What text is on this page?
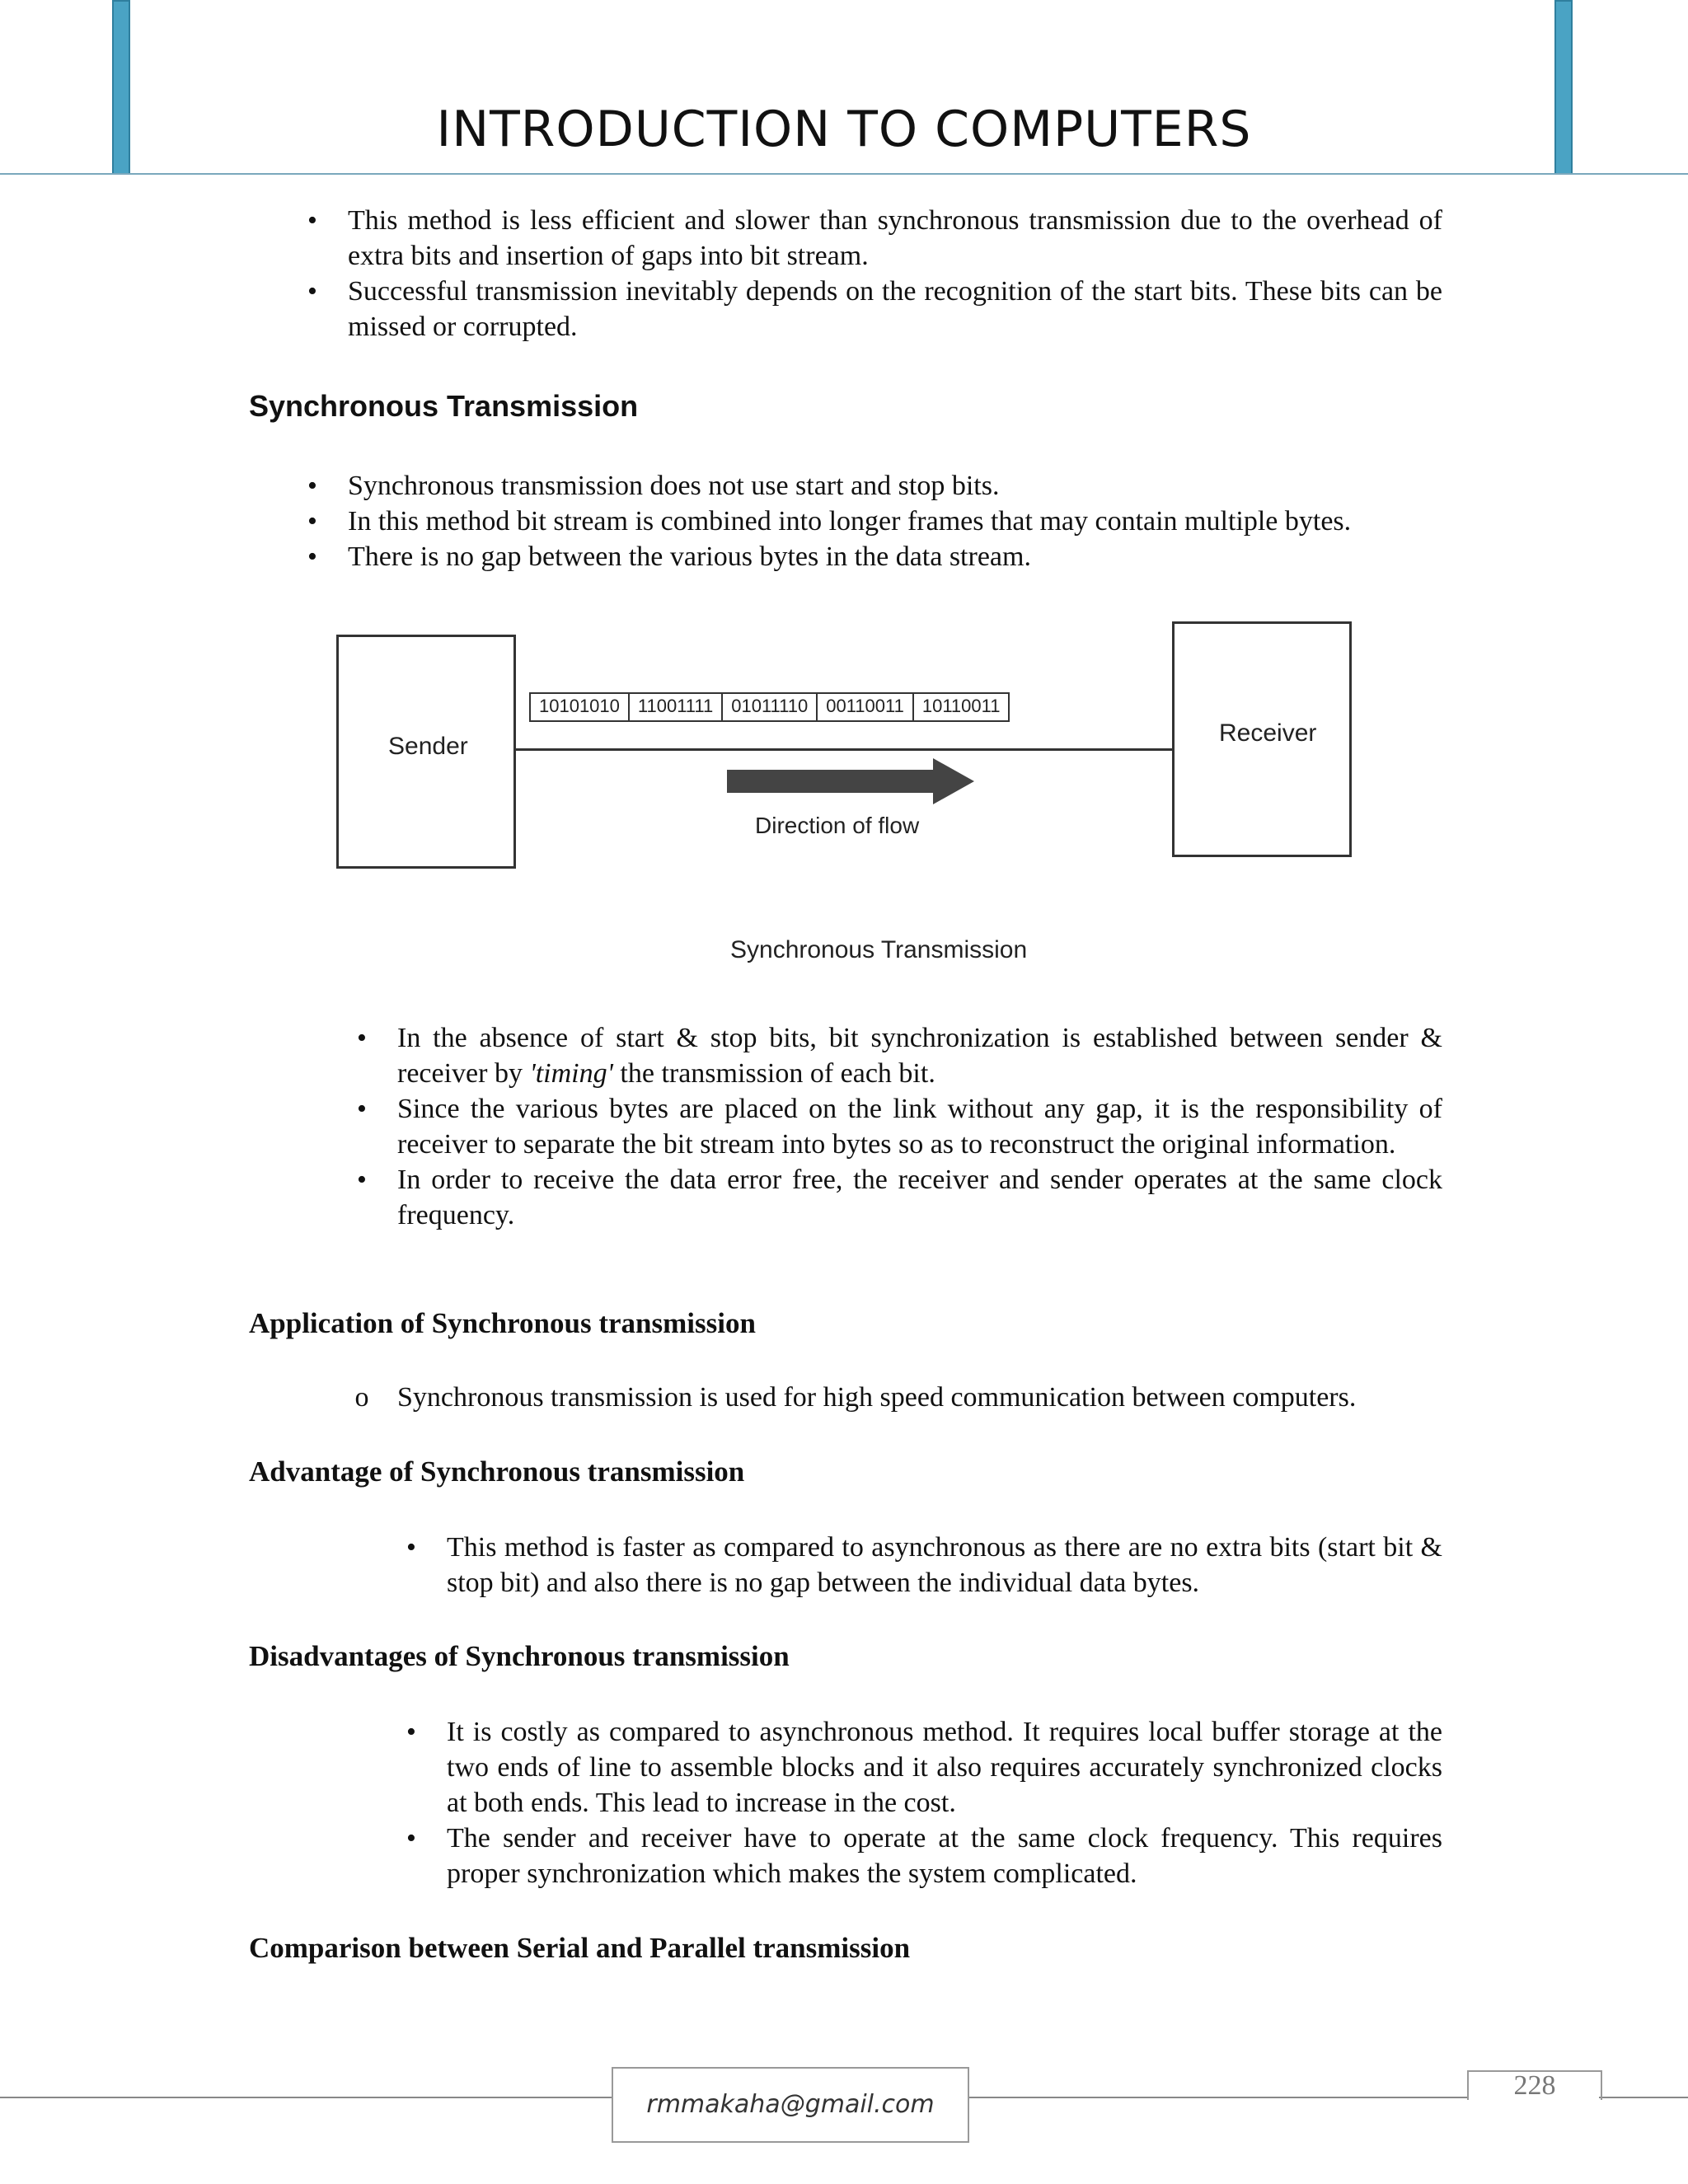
INTRODUCTION TO COMPUTERS
• This method is less efficient and slower than synchronous transmission due to the overhead of extra bits and insertion of gaps into bit stream.
• Successful transmission inevitably depends on the recognition of the start bits. These bits can be missed or corrupted.
Synchronous Transmission
• Synchronous transmission does not use start and stop bits.
• In this method bit stream is combined into longer frames that may contain multiple bytes.
• There is no gap between the various bytes in the data stream.
Sender	Receiver
10101010	11001111	01011110	00110011	10110011
Direction of flow
Synchronous Transmission
• In the absence of start & stop bits, bit synchronization is established between sender & receiver by 'timing' the transmission of each bit.
• Since the various bytes are placed on the link without any gap, it is the responsibility of receiver to separate the bit stream into bytes so as to reconstruct the original information.
• In order to receive the data error free, the receiver and sender operates at the same clock frequency.
Application of Synchronous transmission
o Synchronous transmission is used for high speed communication between computers.
Advantage of Synchronous transmission
• This method is faster as compared to asynchronous as there are no extra bits (start bit & stop bit) and also there is no gap between the individual data bytes.
Disadvantages of Synchronous transmission
• It is costly as compared to asynchronous method. It requires local buffer storage at the two ends of line to assemble blocks and it also requires accurately synchronized clocks at both ends. This lead to increase in the cost.
• The sender and receiver have to operate at the same clock frequency. This requires proper synchronization which makes the system complicated.
Comparison between Serial and Parallel transmission
rmmakaha@gmail.com
228
